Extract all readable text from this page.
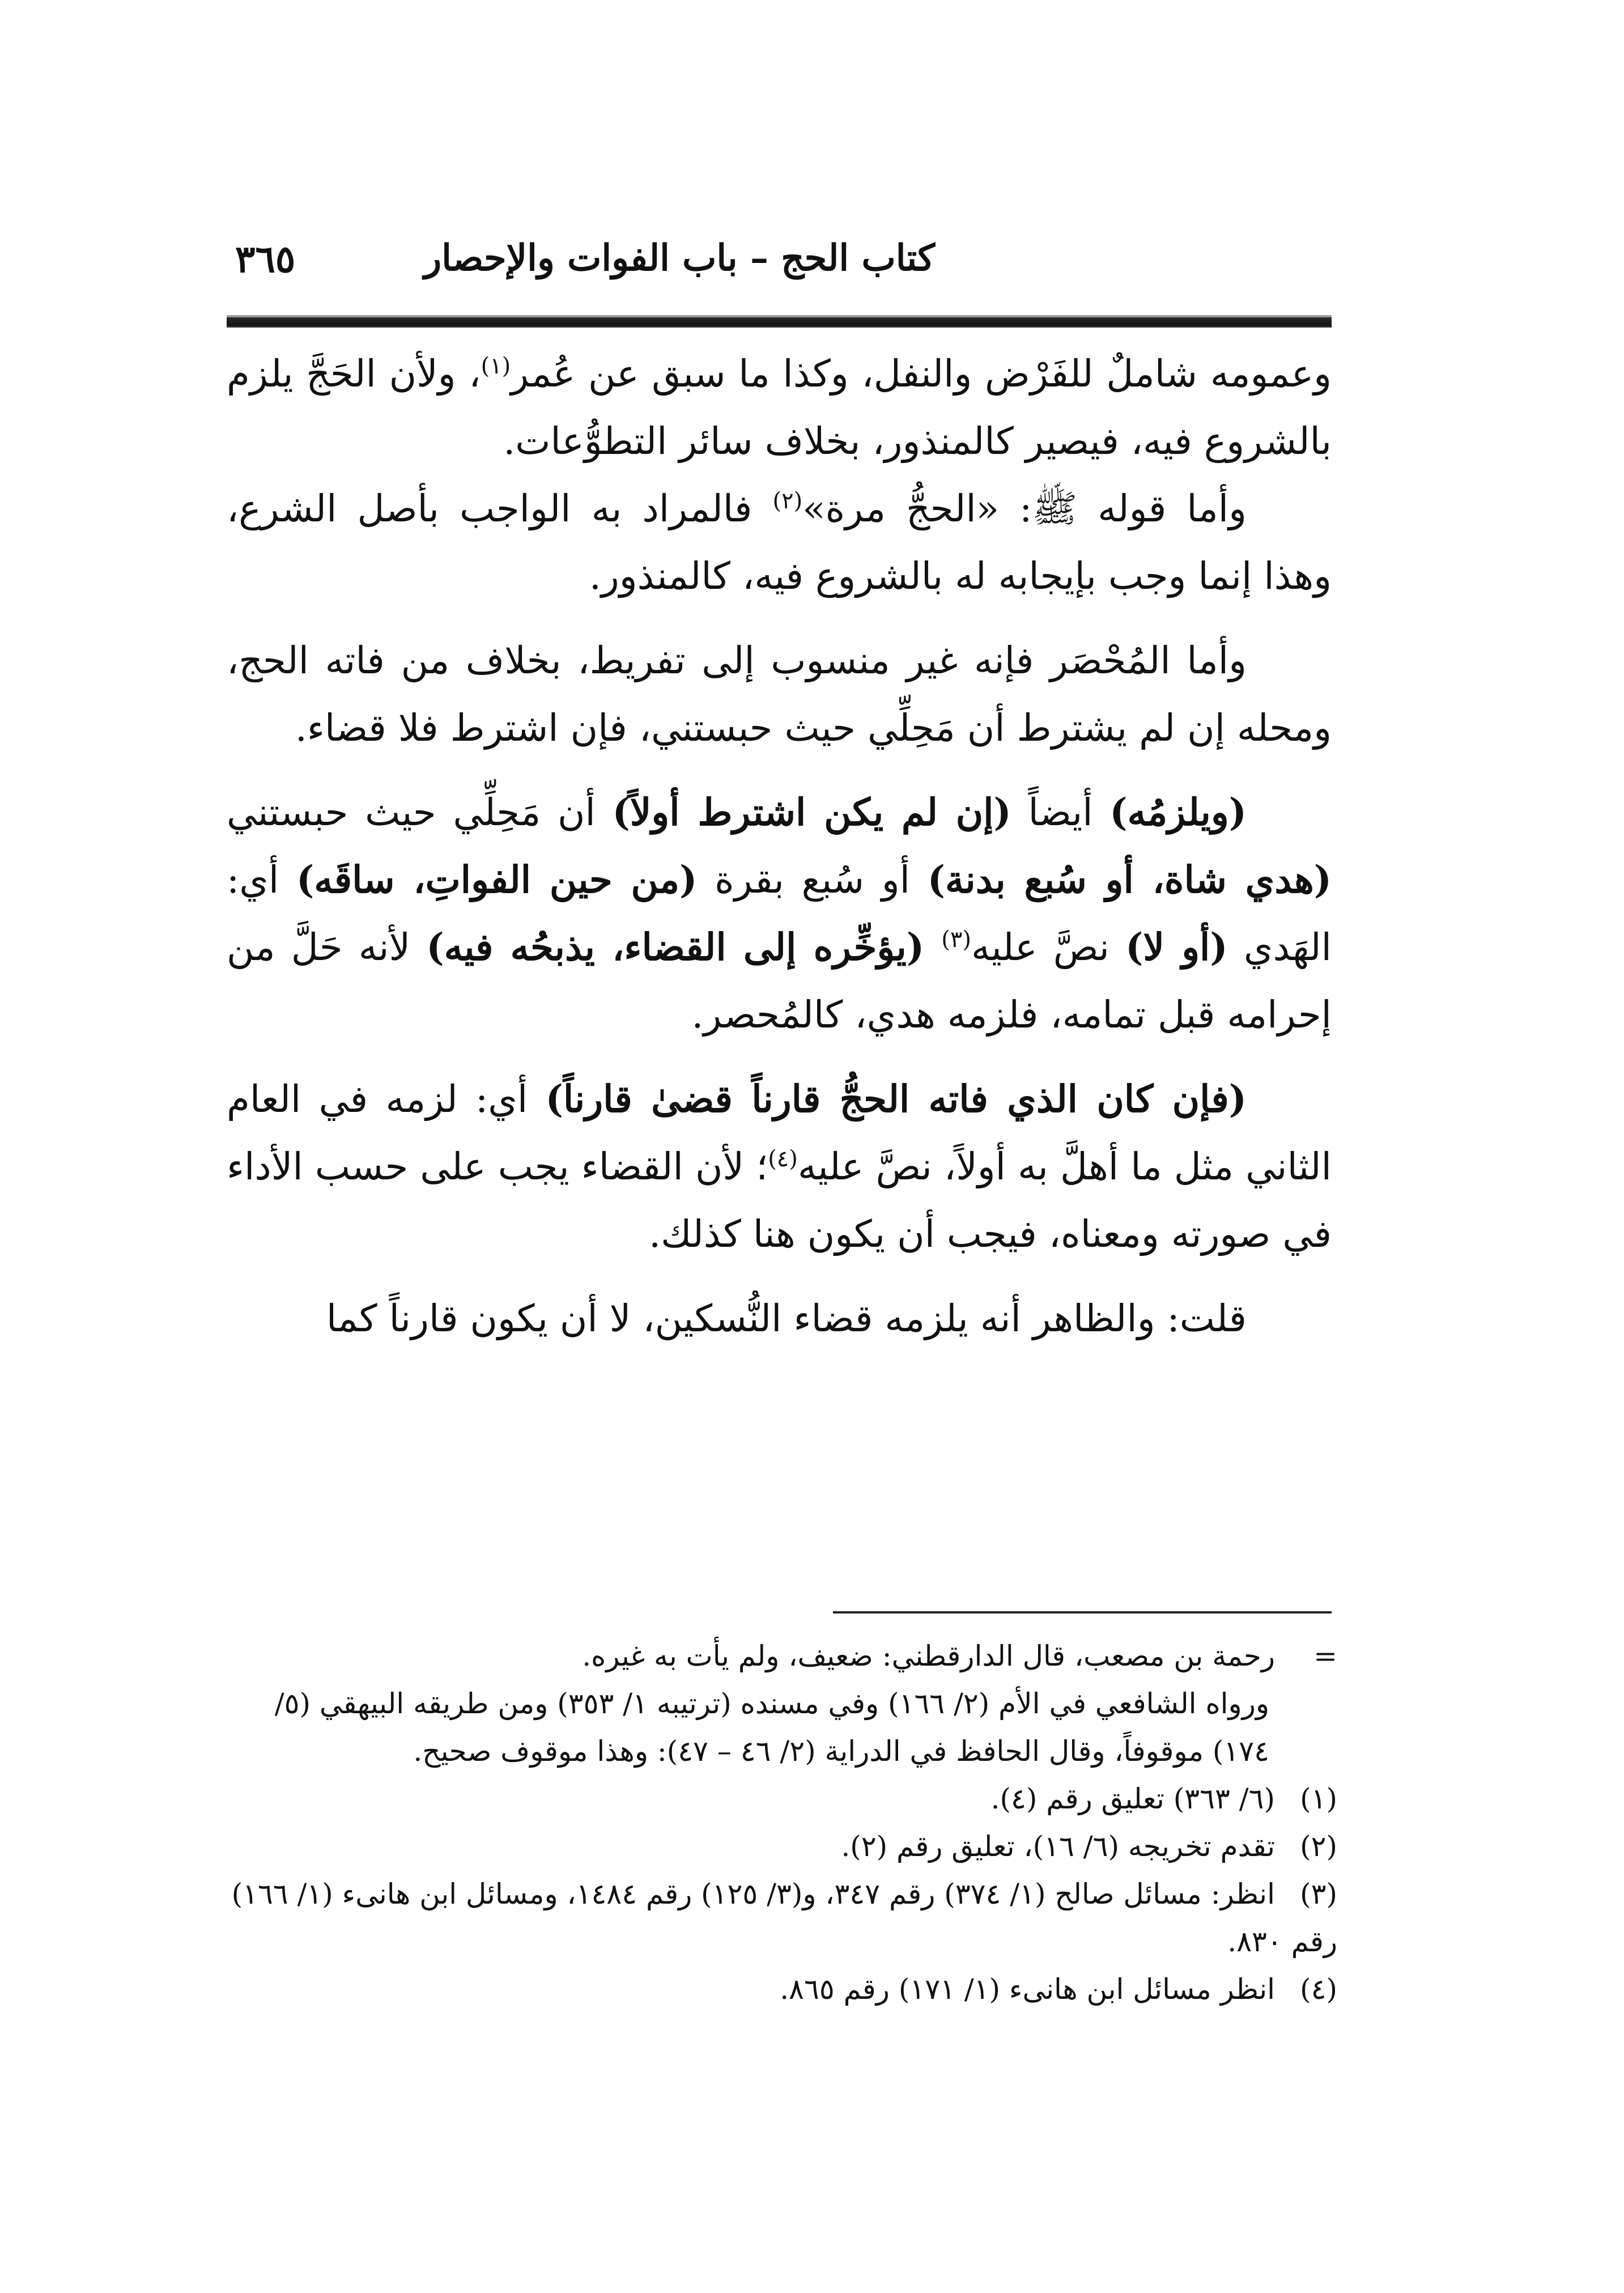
كتاب الحج – باب الفوات والإحصار
٣٦٥

وعمومه شاملٌ للفَرْض والنفل، وكذا ما سبق عن عُمر$^{(١)}$، ولأن الحَجَّ يلزم بالشروع فيه، فيصير كالمنذور، بخلاف سائر التطوُّعات.

وأما قوله ﷺ: «الحجُّ مرة»$^{(٢)}$ فالمراد به الواجب بأصل الشرع، وهذا إنما وجب بإيجابه له بالشروع فيه، كالمنذور.

وأما المُحْصَر فإنه غير منسوب إلى تفريط، بخلاف من فاته الحج، ومحله إن لم يشترط أن مَحِلِّي حيث حبستني، فإن اشترط فلا قضاء.

(ويلزمُه) أيضاً (إن لم يكن اشترط أولاً) أن مَحِلِّي حيث حبستني (هدي شاة، أو سُبع بدنة) أو سُبع بقرة (من حين الفواتِ، ساقَه) أي: الهَدي (أو لا) نصَّ عليه$^{(٣)}$ (يؤخِّره إلى القضاء، يذبحُه فيه) لأنه حَلَّ من إحرامه قبل تمامه، فلزمه هدي، كالمُحصر.

(فإن كان الذي فاته الحجُّ قارناً قضىٰ قارناً) أي: لزمه في العام الثاني مثل ما أهلَّ به أولاً، نصَّ عليه$^{(٤)}$؛ لأن القضاء يجب على حسب الأداء في صورته ومعناه، فيجب أن يكون هنا كذلك.

قلت: والظاهر أنه يلزمه قضاء النُّسكين، لا أن يكون قارناً كما

=رحمة بن مصعب، قال الدارقطني: ضعيف، ولم يأت به غيره.

ورواه الشافعي في الأم (٢/ ١٦٦) وفي مسنده (ترتيبه ١/ ٣٥٣) ومن طريقه البيهقي (٥/ ١٧٤) موقوفاً، وقال الحافظ في الدراية (٢/ ٤٦ – ٤٧): وهذا موقوف صحيح.

(١)(٦/ ٣٦٣) تعليق رقم (٤).

(٢)تقدم تخريجه (٦/ ١٦)، تعليق رقم (٢).

(٣)انظر: مسائل صالح (١/ ٣٧٤) رقم ٣٤٧، و(٣/ ١٢٥) رقم ١٤٨٤، ومسائل ابن هانىء (١/ ١٦٦) رقم ٨٣٠.

(٤)انظر مسائل ابن هانىء (١/ ١٧١) رقم ٨٦٥.
